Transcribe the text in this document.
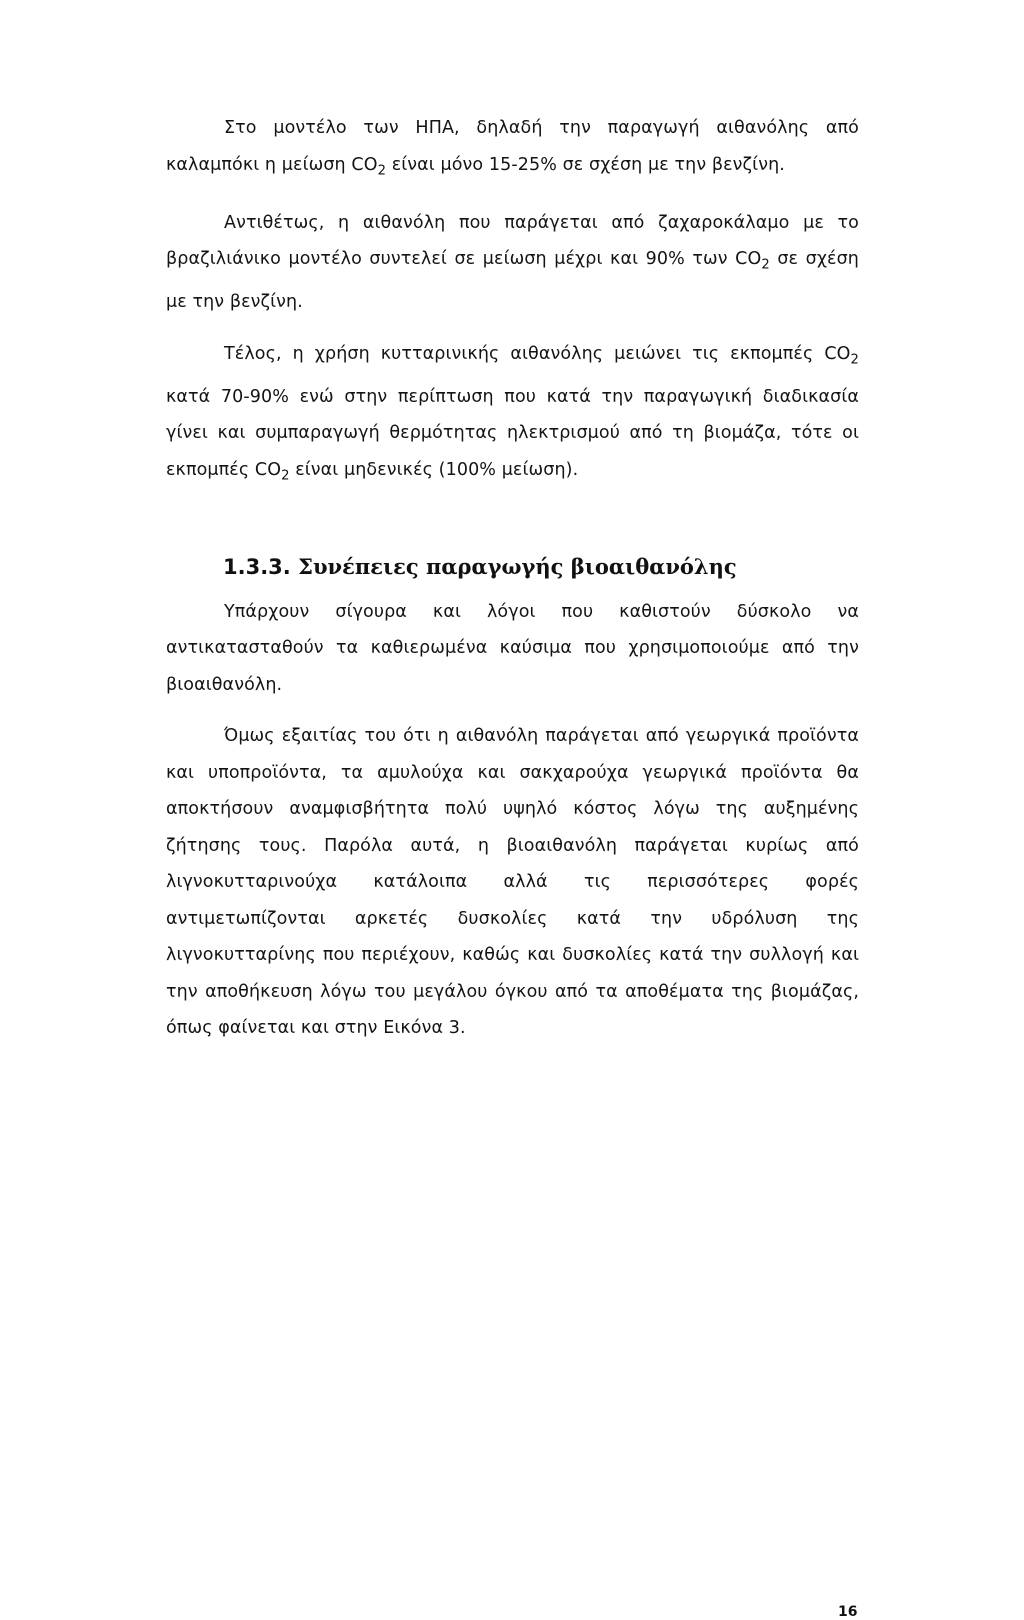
Στο μοντέλο των ΗΠΑ, δηλαδή την παραγωγή αιθανόλης από καλαμπόκι η μείωση $CO_2$ είναι μόνο 15-25% σε σχέση με την βενζίνη.

Αντιθέτως, η αιθανόλη που παράγεται από ζαχαροκάλαμο με το βραζιλιάνικο μοντέλο συντελεί σε μείωση μέχρι και 90% των $CO_2$ σε σχέση με την βενζίνη.

Τέλος, η χρήση κυτταρινικής αιθανόλης μειώνει τις εκπομπές $CO_2$ κατά 70-90% ενώ στην περίπτωση που κατά την παραγωγική διαδικασία γίνει και συμπαραγωγή θερμότητας ηλεκτρισμού από τη βιομάζα, τότε οι εκπομπές $CO_2$ είναι μηδενικές (100% μείωση).

1.3.3. Συνέπειες παραγωγής βιοαιθανόλης

Υπάρχουν σίγουρα και λόγοι που καθιστούν δύσκολο να αντικατασταθούν τα καθιερωμένα καύσιμα που χρησιμοποιούμε από την βιοαιθανόλη.

Όμως εξαιτίας του ότι η αιθανόλη παράγεται από γεωργικά προϊόντα και υποπροϊόντα, τα αμυλούχα και σακχαρούχα γεωργικά προϊόντα θα αποκτήσουν αναμφισβήτητα πολύ υψηλό κόστος λόγω της αυξημένης ζήτησης τους. Παρόλα αυτά, η βιοαιθανόλη παράγεται κυρίως από λιγνοκυτταρινούχα κατάλοιπα αλλά τις περισσότερες φορές αντιμετωπίζονται αρκετές δυσκολίες κατά την υδρόλυση της λιγνοκυτταρίνης που περιέχουν, καθώς και δυσκολίες κατά την συλλογή και την αποθήκευση λόγω του μεγάλου όγκου από τα αποθέματα της βιομάζας, όπως φαίνεται και στην Εικόνα 3.

16
